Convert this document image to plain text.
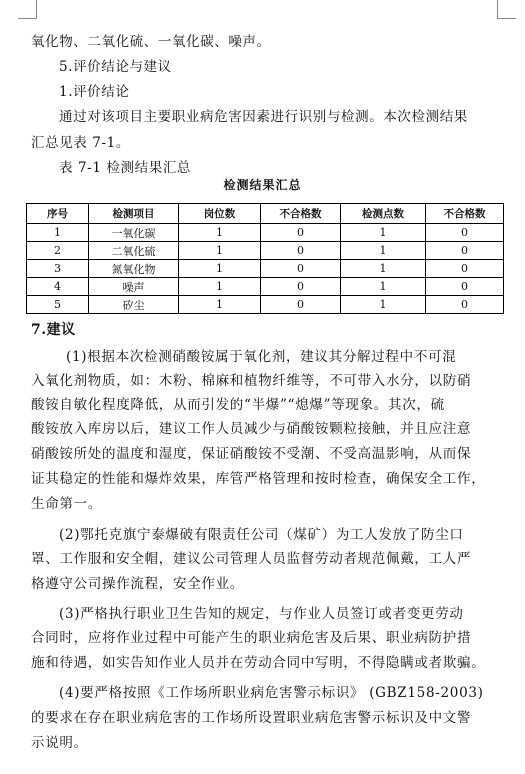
氧化物、二氧化硫、一氧化碳、噪声。
5.评价结论与建议
1.评价结论
通过对该项目主要职业病危害因素进行识别与检测。本次检测结果
汇总见表 7-1。
表 7-1 检测结果汇总
检测结果汇总
序号	检测项目	岗位数	不合格数	检测点数	不合格数
1	一氧化碳	1	0	1	0
2	二氧化硫	1	0	1	0
3	氮氧化物	1	0	1	0
4	噪声	1	0	1	0
5	矽尘	1	0	1	0
7.建议
(1)根据本次检测硝酸铵属于氧化剂，建议其分解过程中不可混
入氧化剂物质，如：木粉、棉麻和植物纤维等，不可带入水分，以防硝
酸铵自敏化程度降低，从而引发的“半爆”“熄爆”等现象。其次，硫
酸铵放入库房以后，建议工作人员减少与硝酸铵颗粒接触，并且应注意
硝酸铵所处的温度和湿度，保证硝酸铵不受潮、不受高温影响，从而保
证其稳定的性能和爆炸效果，库管严格管理和按时检查，确保安全工作，
生命第一。
(2)鄂托克旗宁泰爆破有限责任公司（煤矿）为工人发放了防尘口
罩、工作服和安全帽，建议公司管理人员监督劳动者规范佩戴，工人严
格遵守公司操作流程，安全作业。
(3)严格执行职业卫生告知的规定，与作业人员签订或者变更劳动
合同时，应将作业过程中可能产生的职业病危害及后果、职业病防护措
施和待遇，如实告知作业人员并在劳动合同中写明，不得隐瞒或者欺骗。
(4)要严格按照《工作场所职业病危害警示标识》 (GBZ158-2003)
的要求在存在职业病危害的工作场所设置职业病危害警示标识及中文警
示说明。
